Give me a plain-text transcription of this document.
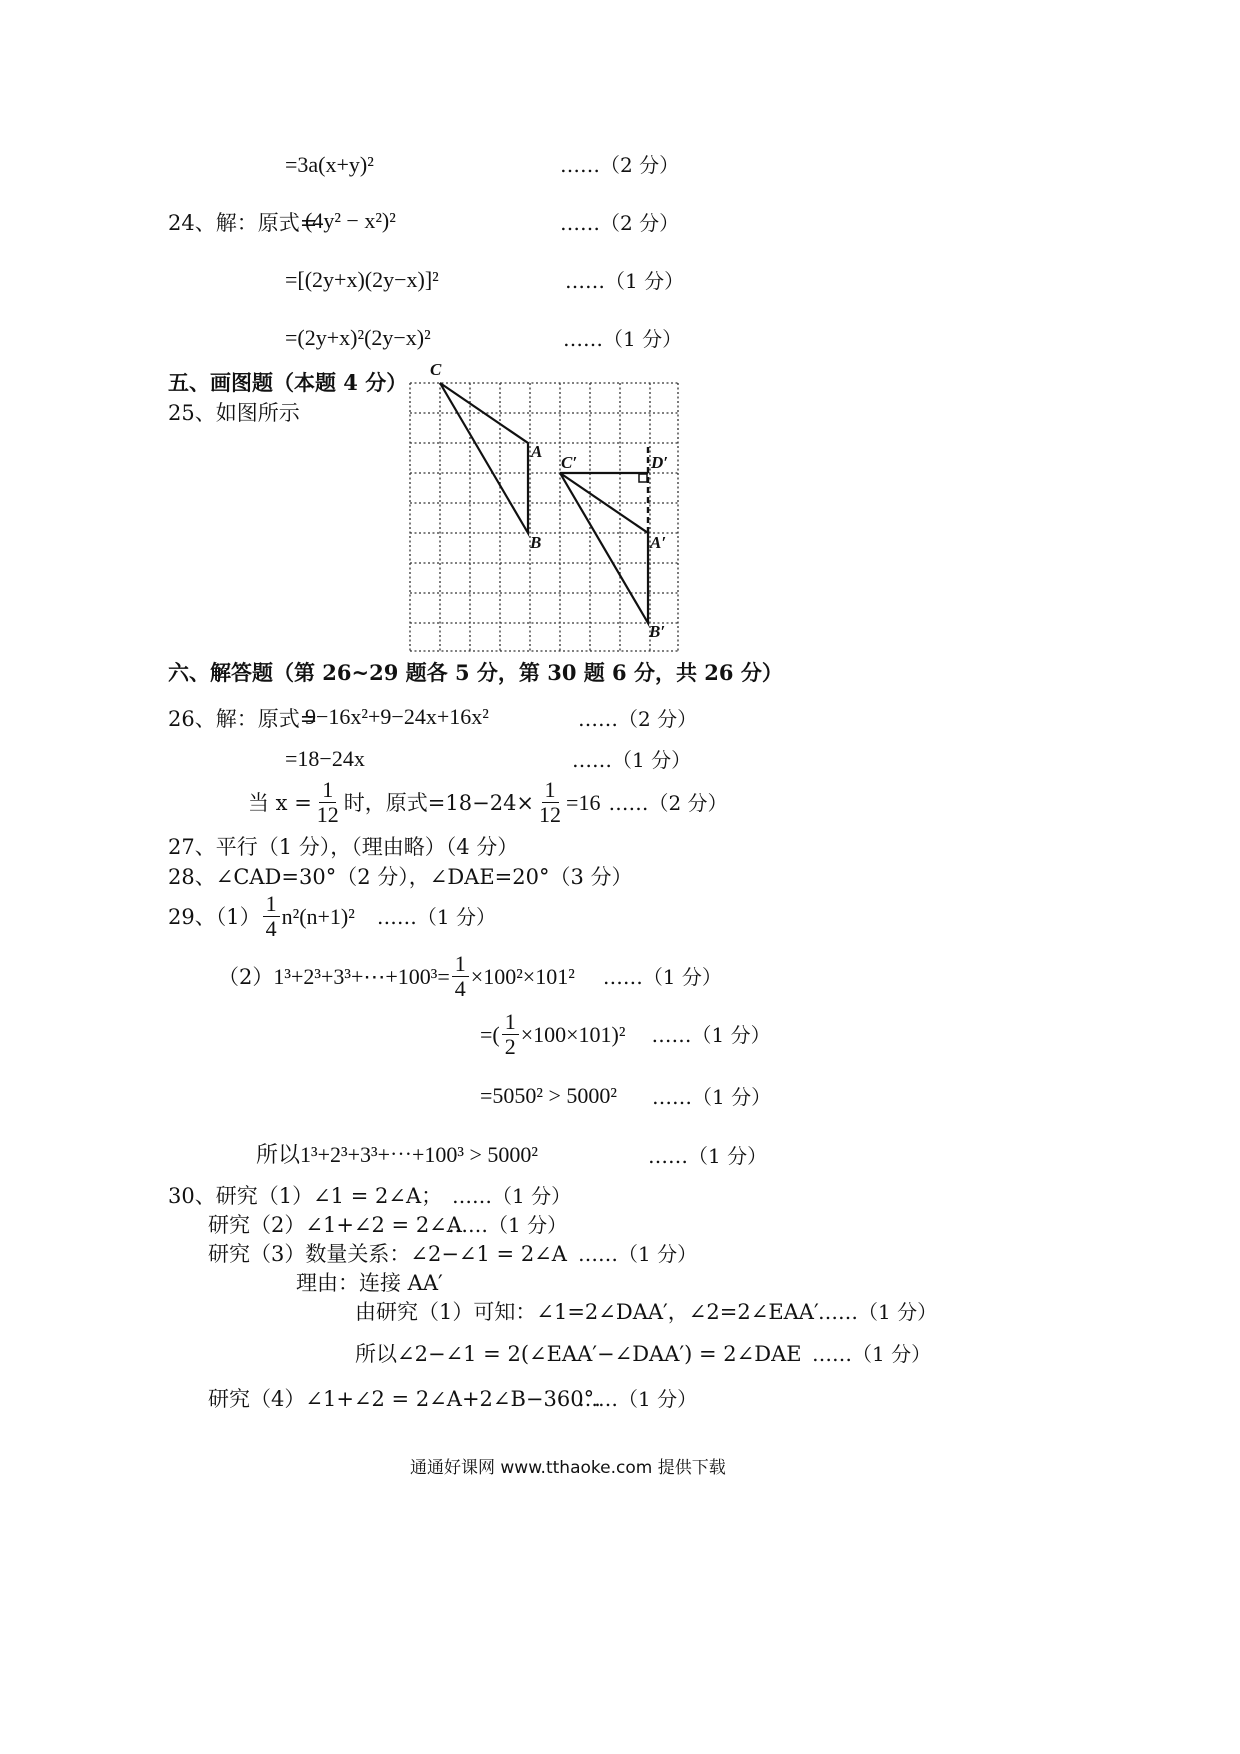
=3a(x+y)²	……（2 分）
24、解：原式=
(4y² − x²)²	……（2 分）
=[(2y+x)(2y−x)]²	……（1 分）
=(2y+x)²(2y−x)²	……（1 分）
五、画图题（本题 4 分）
25、如图所示
C
A
B
C′	D′
A′
B′
六、解答题（第 26~29 题各 5 分，第 30 题 6 分，共 26 分）
26、解：原式=
9−16x²+9−24x+16x²	……（2 分）
=18−24x	……（1 分）
当 $x = \frac{1}{12}$ 时，原式$=18-24\times \frac{1}{12} =16$ ……（2 分）
27、平行（1 分），（理由略）（4 分）
28、∠CAD=30°（2 分），∠DAE=20°（3 分）
29、$(1) \frac{1}{4} n^2(n+1)^2$ ……（1 分）
（2） 1³+2³+3³+⋯+100³= $\frac{1}{4} \times 100^2\times 101^2$ ……（1 分）
=( $\frac{1}{2} \times 100\times 101)^2$ ……（1 分）
=5050² > 5000² ……（1 分）
所以1³+2³+3³+⋯+100³ > 5000²	……（1 分）
30、研究（1）∠1 = 2∠A； ……（1 分）
研究（2）∠1+∠2 = 2∠A
……（1 分）
研究（3）数量关系：∠2−∠1 = 2∠A ……（1 分）
理由：连接 AA′
由研究（1）可知：∠1=2∠DAA′，∠2=2∠EAA′ ……（1 分）
所以∠2−∠1 = 2(∠EAA′−∠DAA′) = 2∠DAE ……（1 分）
研究（4）∠1+∠2 = 2∠A+2∠B−360°.
……（1 分）
通通好课网 www.tthaoke.com 提供下载
